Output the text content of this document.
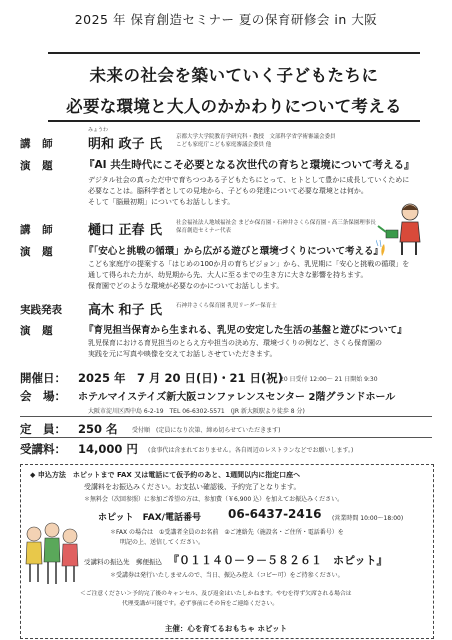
2025 年 保育創造セミナー 夏の保育研修会 in 大阪
未来の社会を築いていく子どもたちに
必要な環境と大人のかかわりについて考える
みょうわ
講 師 明和 政子 氏	京都大学大学院教育学研究科・教授　文部科学省学術審議会委員
こども家庭庁こども家庭審議会委員 他
演 題	『AI 共生時代にこそ必要となる次世代の育ちと環境について考える』
デジタル社会の真っただ中で育ちつつある子どもたちにとって、ヒトとして豊かに成長していくために
必要なことは。脳科学者としての見地から、子どもの発達について必要な環境とは何か。
そして「脳最初期」についてもお話しします。
講 師 樋口 正春 氏	社会福祉法人地域福祉会 まどか保育園・石神井さくら保育園・高三条保園理事長
保育創造セミナー代表
演 題	『「安心と挑戦の循環」から広がる遊びと環境づくりについて考える』
こども家庭庁の提案する「はじめの100か月の育ちビジョン」から、乳児期に「安心と挑戦の循環」を
通して得られた力が、幼児期から先、大人に至るまでの生き方に大きな影響を持ちます。
保育園でどのような環境が必要なのかについてお話しします。
実践発表 高木 和子 氏	石神井さくら保育園 乳児リーダー保育士
演 題	『育児担当保育から生まれる、乳児の安定した生活の基盤と遊びについて』
乳児保育における育児担当のとらえ方や担当の決め方、環境づくりの例など、さくら保育園の
実践を元に写真や映像を交えてお話しさせていただきます。
開催日： 2025 年　7 月 20 日(日)・21 日(祝)
20 日受付 12:00～ 21 日開始 9:30
会　場： ホテルマイステイズ新大阪コンファレンスセンター 2階グランドホール
大阪市淀川区西中島 6-2-19　TEL 06-6302-5571　(JR 新大阪駅より徒歩 8 分)
定　員： 250 名 受付順　(定員になり次第、締め切らせていただきます)
受講料： 14,000 円 (食事代は含まれておりません。各自周辺のレストランなどでお願いします。)
◆ 申込方法　ホピットまで FAX 又は電話にて仮予約のあと、1週間以内に指定口座へ
受講料をお振込みください。お支払い確認後、予約完了となります。
＊無料会（次回参照）に参加ご希望の方は、参加費（￥6,900 込）を加えてお振込みください。
ホピット　FAX/電話番号 06-6437-2416 (営業時間 10:00～18:00)
＊FAX の場合は　①受講者全員のお名前　②ご連絡先（施設名・ご住所・電話番号）を
明記の上、送信してください。
受講料の振込先　郵便振込 『０１１４０－９－５８２６１　ホピット』
＊受講券は発行いたしませんので、当日、振込み控え（コピー可）をご持参ください。
＜ご注意ください＞予約完了後のキャンセル、及び返金はいたしかねます。やむを得ず欠席される場合は
代理受講が可能です。必ず事前にその旨をご連絡ください。
主催：心を育てるおもちゃ ホピット
